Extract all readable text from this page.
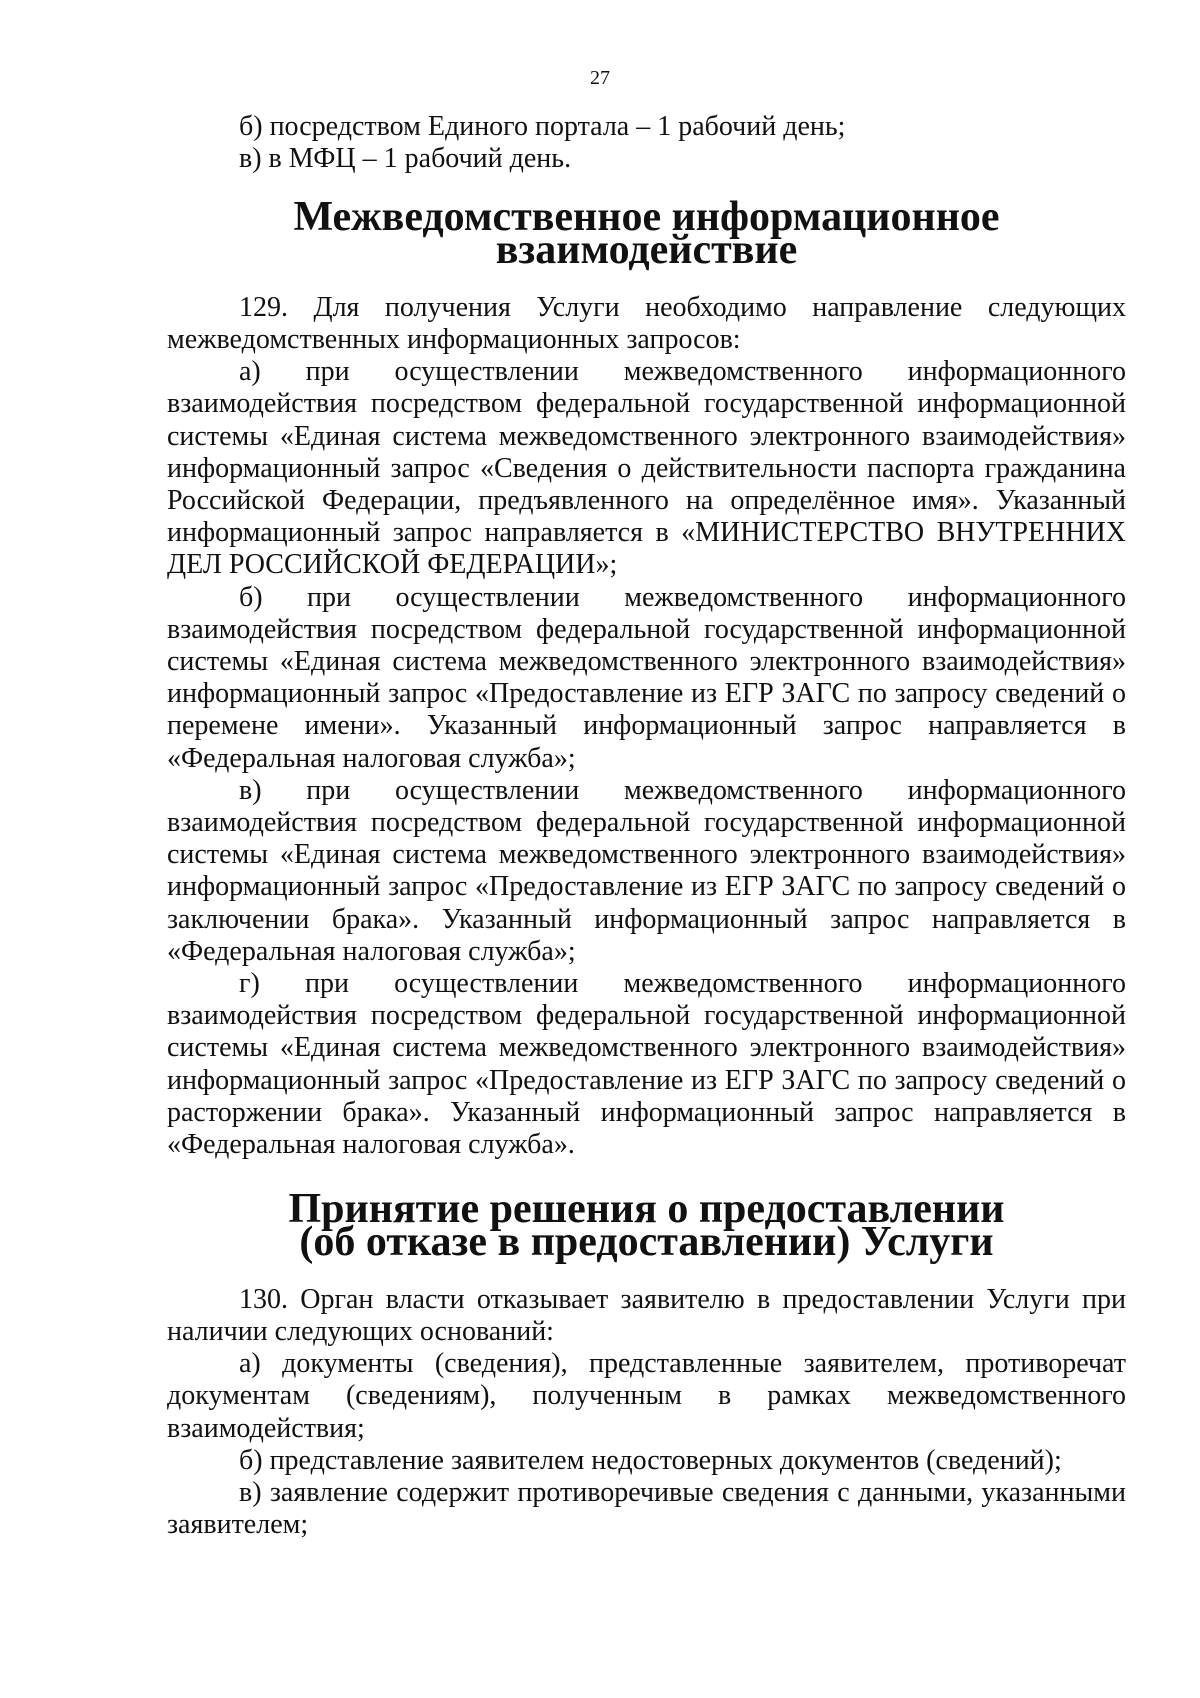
27

б) посредством Единого портала – 1 рабочий день;

в) в МФЦ – 1 рабочий день.

Межведомственное информационное взаимодействие

129. Для получения Услуги необходимо направление следующих межведомственных информационных запросов:

а) при осуществлении межведомственного информационного взаимодействия посредством федеральной государственной информационной системы «Единая система межведомственного электронного взаимодействия» информационный запрос «Сведения о действительности паспорта гражданина Российской Федерации, предъявленного на определённое имя». Указанный информационный запрос направляется в «МИНИСТЕРСТВО ВНУТРЕННИХ ДЕЛ РОССИЙСКОЙ ФЕДЕРАЦИИ»;

б) при осуществлении межведомственного информационного взаимодействия посредством федеральной государственной информационной системы «Единая система межведомственного электронного взаимодействия» информационный запрос «Предоставление из ЕГР ЗАГС по запросу сведений о перемене имени». Указанный информационный запрос направляется в «Федеральная налоговая служба»;

в) при осуществлении межведомственного информационного взаимодействия посредством федеральной государственной информационной системы «Единая система межведомственного электронного взаимодействия» информационный запрос «Предоставление из ЕГР ЗАГС по запросу сведений о заключении брака». Указанный информационный запрос направляется в «Федеральная налоговая служба»;

г) при осуществлении межведомственного информационного взаимодействия посредством федеральной государственной информационной системы «Единая система межведомственного электронного взаимодействия» информационный запрос «Предоставление из ЕГР ЗАГС по запросу сведений о расторжении брака». Указанный информационный запрос направляется в «Федеральная налоговая служба».

Принятие решения о предоставлении
(об отказе в предоставлении) Услуги

130. Орган власти отказывает заявителю в предоставлении Услуги при наличии следующих оснований:

а) документы (сведения), представленные заявителем, противоречат документам (сведениям), полученным в рамках межведомственного взаимодействия;

б) представление заявителем недостоверных документов (сведений);

в) заявление содержит противоречивые сведения с данными, указанными заявителем;
